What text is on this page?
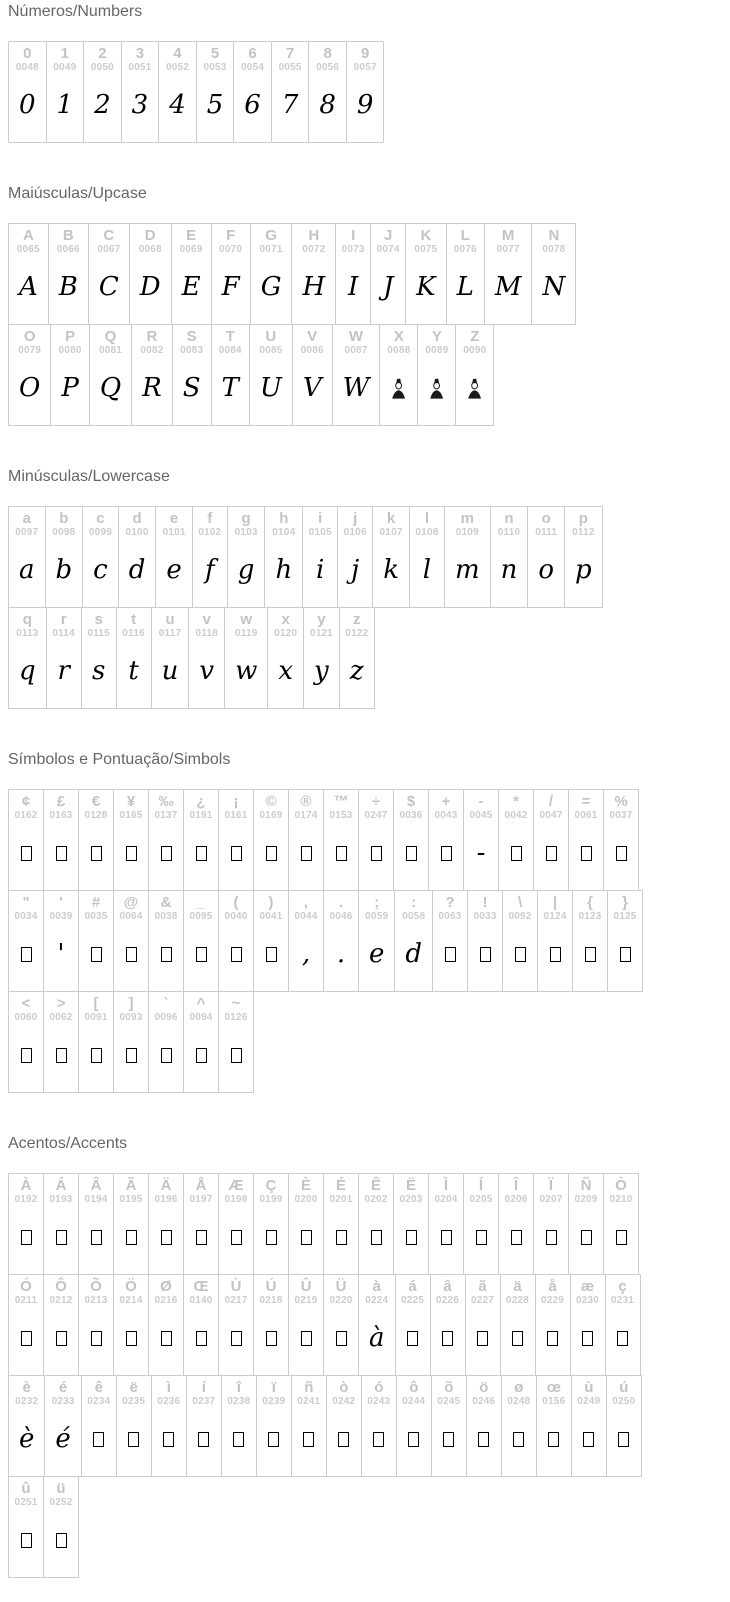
Números/Numbers
0
0048
0
1
0049
1
2
0050
2
3
0051
3
4
0052
4
5
0053
5
6
0054
6
7
0055
7
8
0056
8
9
0057
9
Maiúsculas/Upcase
A
0065
A
B
0066
B
C
0067
C
D
0068
D
E
0069
E
F
0070
F
G
0071
G
H
0072
H
I
0073
I
J
0074
J
K
0075
K
L
0076
L
M
0077
M
N
0078
N
O
0079
O
P
0080
P
Q
0081
Q
R
0082
R
S
0083
S
T
0084
T
U
0085
U
V
0086
V
W
0087
W
X
0088
Y
0089
Z
0090
Minúsculas/Lowercase
a
0097
a
b
0098
b
c
0099
c
d
0100
d
e
0101
e
f
0102
f
g
0103
g
h
0104
h
i
0105
i
j
0106
j
k
0107
k
l
0108
l
m
0109
m
n
0110
n
o
0111
o
p
0112
p
q
0113
q
r
0114
r
s
0115
s
t
0116
t
u
0117
u
v
0118
v
w
0119
w
x
0120
x
y
0121
y
z
0122
z
Símbolos e Pontuação/Simbols
¢
0162
£
0163
€
0128
¥
0165
‰
0137
¿
0191
¡
0161
©
0169
®
0174
™
0153
÷
0247
$
0036
+
0043
-
0045
-
*
0042
/
0047
=
0061
%
0037
"
0034
'
0039
'
#
0035
@
0064
&
0038
_
0095
(
0040
)
0041
,
0044
,
.
0046
.
;
0059
e
:
0058
d
?
0063
!
0033
\
0092
|
0124
{
0123
}
0125
<
0060
>
0062
[
0091
]
0093
`
0096
^
0094
~
0126
Acentos/Accents
À
0192
Á
0193
Â
0194
Ã
0195
Ä
0196
Å
0197
Æ
0198
Ç
0199
È
0200
É
0201
Ê
0202
Ë
0203
Ì
0204
Í
0205
Î
0206
Ï
0207
Ñ
0209
Ò
0210
Ó
0211
Ô
0212
Õ
0213
Ö
0214
Ø
0216
Œ
0140
Ù
0217
Ú
0218
Û
0219
Ü
0220
à
0224
à
á
0225
â
0226
ã
0227
ä
0228
å
0229
æ
0230
ç
0231
è
0232
è
é
0233
é
ê
0234
ë
0235
ì
0236
í
0237
î
0238
ï
0239
ñ
0241
ò
0242
ó
0243
ô
0244
õ
0245
ö
0246
ø
0248
œ
0156
ù
0249
ú
0250
û
0251
ü
0252
